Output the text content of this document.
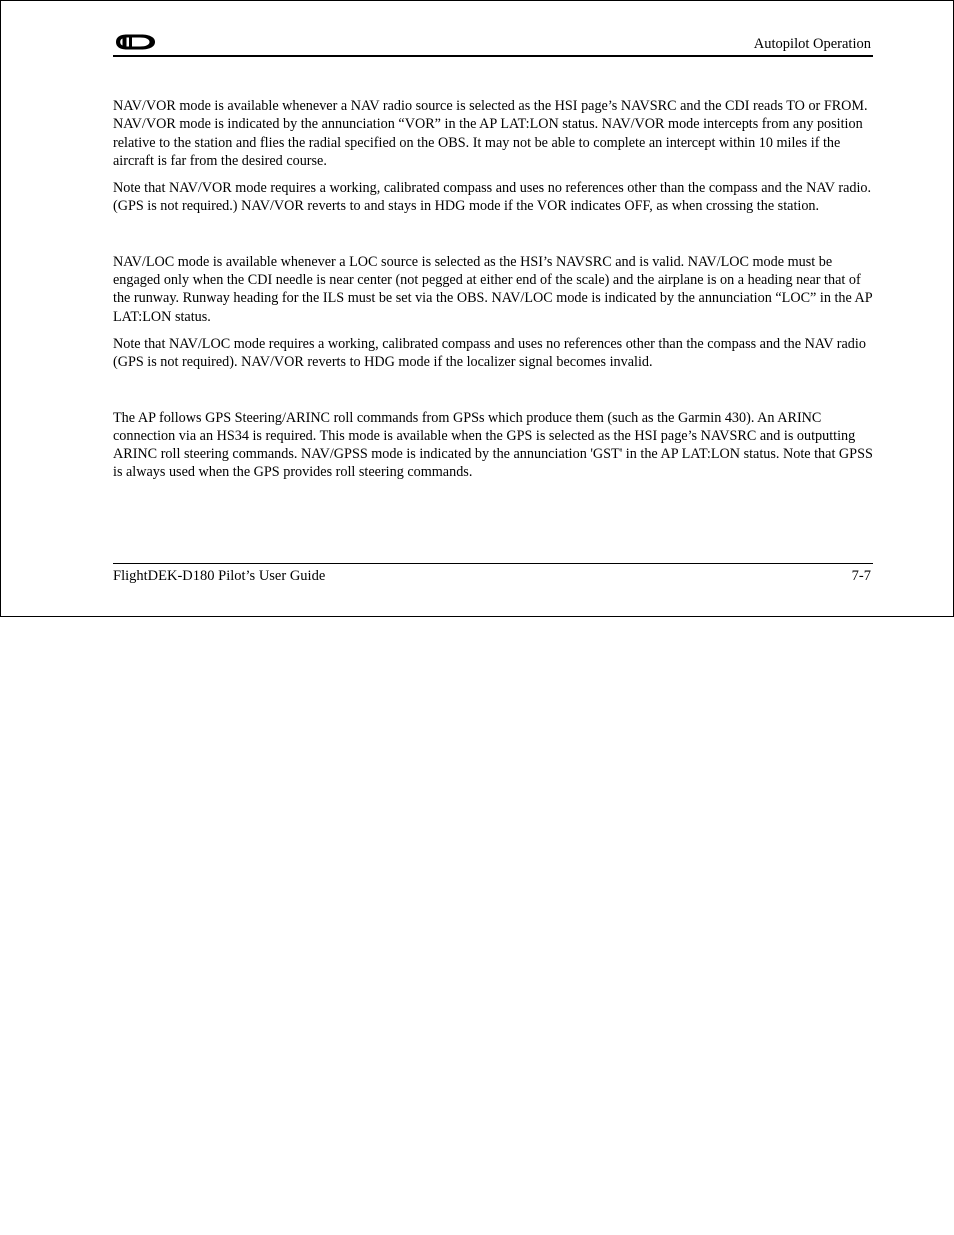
Autopilot Operation

NAV/VOR mode is available whenever a NAV radio source is selected as the HSI page’s NAVSRC and the CDI reads TO or FROM. NAV/VOR mode is indicated by the annunciation “VOR” in the AP LAT:LON status. NAV/VOR mode intercepts from any position relative to the station and flies the radial specified on the OBS. It may not be able to complete an intercept within 10 miles if the aircraft is far from the desired course.

Note that NAV/VOR mode requires a working, calibrated compass and uses no references other than the compass and the NAV radio. (GPS is not required.) NAV/VOR reverts to and stays in HDG mode if the VOR indicates OFF, as when crossing the station.

NAV/LOC mode is available whenever a LOC source is selected as the HSI’s NAVSRC and is valid. NAV/LOC mode must be engaged only when the CDI needle is near center (not pegged at either end of the scale) and the airplane is on a heading near that of the runway. Runway heading for the ILS must be set via the OBS. NAV/LOC mode is indicated by the annunciation “LOC” in the AP LAT:LON status.

Note that NAV/LOC mode requires a working, calibrated compass and uses no references other than the compass and the NAV radio (GPS is not required). NAV/VOR reverts to HDG mode if the localizer signal becomes invalid.

The AP follows GPS Steering/ARINC roll commands from GPSs which produce them (such as the Garmin 430). An ARINC connection via an HS34 is required. This mode is available when the GPS is selected as the HSI page’s NAVSRC and is outputting ARINC roll steering commands. NAV/GPSS mode is indicated by the annunciation 'GST' in the AP LAT:LON status. Note that GPSS is always used when the GPS provides roll steering commands.

FlightDEK-D180 Pilot’s User Guide	7-7
